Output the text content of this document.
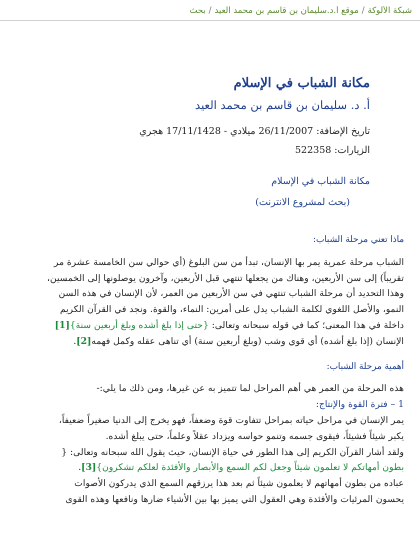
شبكة الألوكة/موقع أ.د.سليمان بن قاسم بن محمد العيد/بحث
مكانة الشباب في الإسلام
أ. د. سليمان بن قاسم بن محمد العيد
تاريخ الإضافة: 26/11/2007 ميلادي - 17/11/1428 هجري
الزيارات: 522358
مكانة الشباب في الإسلام
(بحث لمشروع الانترنت)

ماذا تعني مرحلة الشباب:

الشباب مرحلة عمرية يمر بها الإنسان، تبدأ من سن البلوغ (أي حوالي سن الخامسة عشرة مر

تقريباً) إلى سن الأربعين، وهناك من يجعلها تنتهي قبل الأربعين، وآخرون يوصلونها إلى الخمسين،

وهذا التحديد أن مرحلة الشباب تنتهي في سن الأربعين من العمر، لأن الإنسان في هذه السن

النمو، والأصل اللغوي لكلمة الشباب يدل على أمرين: النماء، والقوة. ونجد في القرآن الكريم

داخلة في هذا المعنى؛ كما في قوله سبحانه وتعالى: {حتى إذا بلغ أشده وبلغ أربعين سنة}[1]

الإنسان (إذا بلغ أشده) أي قوي وشب (وبلغ أربعين سنة) أي تناهى عقله وكمل فهمه[2].

أهمية مرحلة الشباب:

هذه المرحلة من العمر هي أهم المراحل لما تتميز به عن غيرها، ومن ذلك ما يلي:-

1 – فترة القوة والإنتاج:

يمر الإنسان في مراحل حياته بمراحل تتفاوت قوة وضعفاً، فهو يخرج إلى الدنيا صغيراً ضعيفاً،

يكبر شيئاً فشيئاً، فيقوى جسمه وتنمو حواسه ويزداد عقلاً وعلماً، حتى يبلغ أشده.

ولقد أشار القرآن الكريم إلى هذا الطور في حياة الإنسان، حيث يقول الله سبحانه وتعالى: {

بطون أمهاتكم لا تعلمون شيئاً وجعل لكم السمع والأبصار والأفئدة لعلكم تشكرون}[3].

عباده من بطون أمهاتهم لا يعلمون شيئاً ثم بعد هذا يرزقهم السمع الذي يدركون الأصوات

يحسون المرئيات والأفئدة وهي العقول التي يميز بها بين الأشياء ضارها ونافعها وهذه القوى
